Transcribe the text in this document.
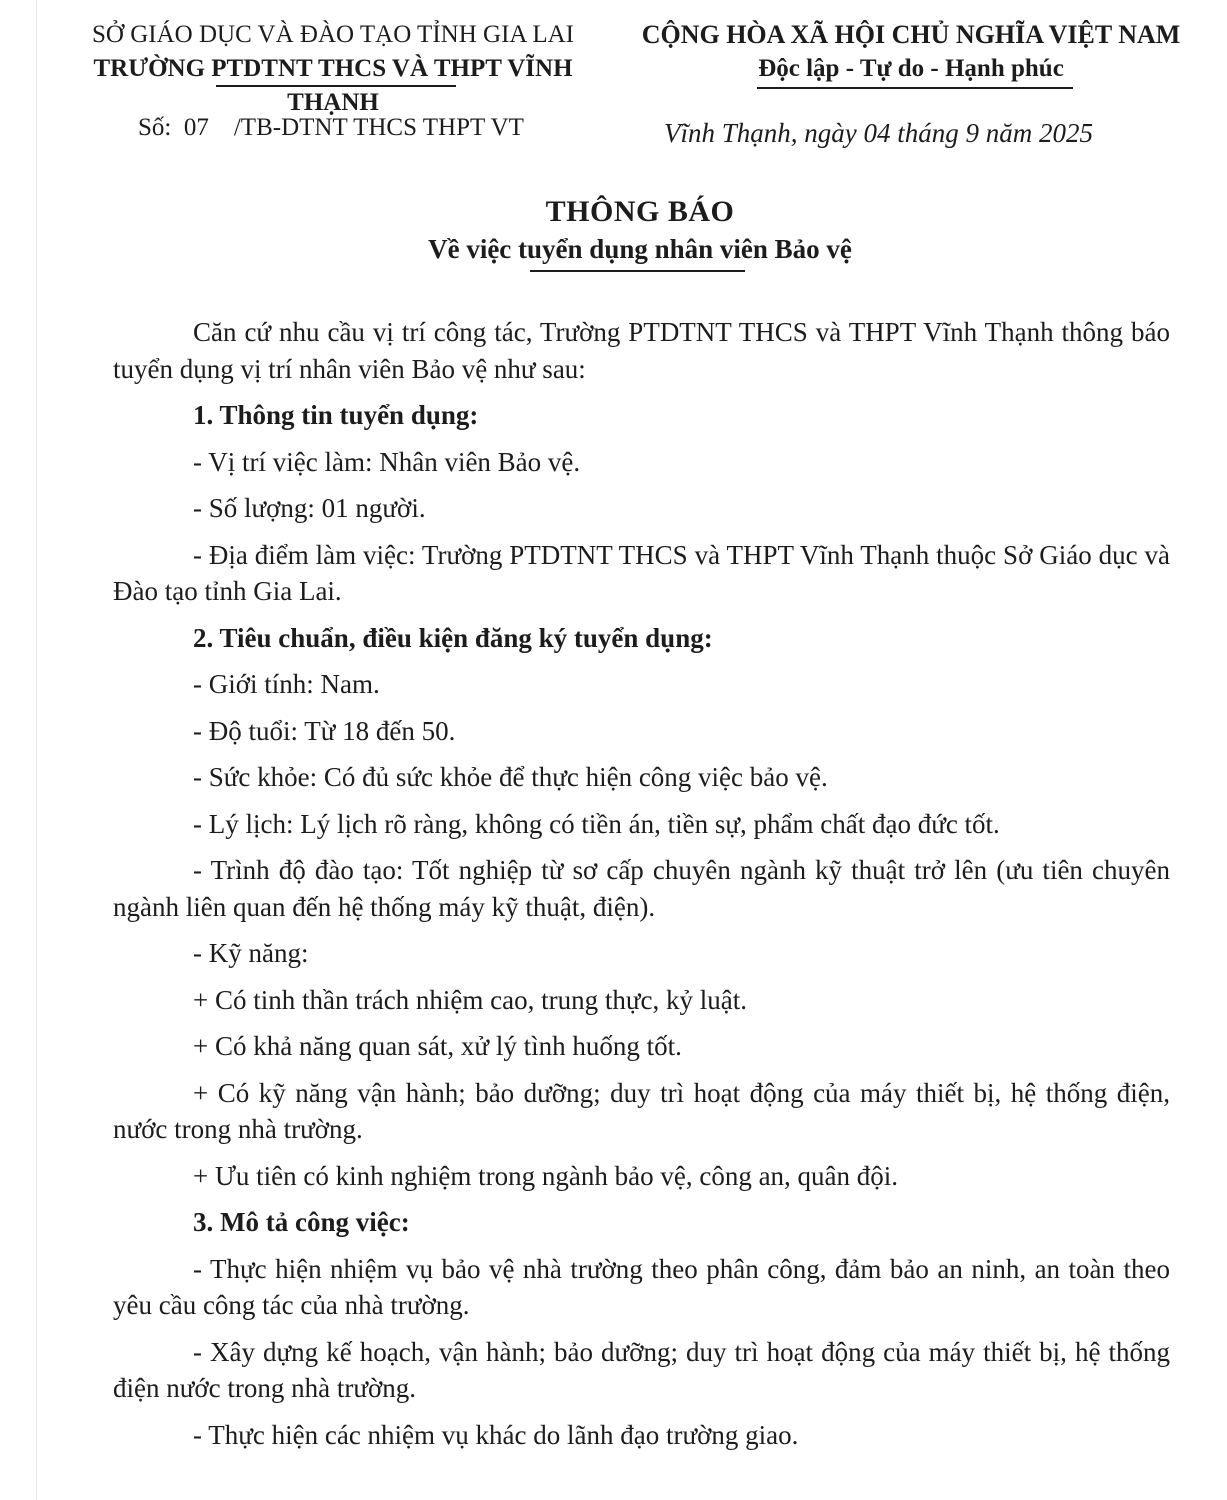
SỞ GIÁO DỤC VÀ ĐÀO TẠO TỈNH GIA LAI
TRƯỜNG PTDTNT THCS VÀ THPT VĨNH THẠNH
CỘNG HÒA XÃ HỘI CHỦ NGHĨA VIỆT NAM
Độc lập - Tự do - Hạnh phúc
Số:  07    /TB-DTNT THCS THPT VT	Vĩnh Thạnh, ngày 04 tháng 9 năm 2025
THÔNG BÁO
Về việc tuyển dụng nhân viên Bảo vệ

Căn cứ nhu cầu vị trí công tác, Trường PTDTNT THCS và THPT Vĩnh Thạnh thông báo tuyển dụng vị trí nhân viên Bảo vệ như sau:

1. Thông tin tuyển dụng:

- Vị trí việc làm: Nhân viên Bảo vệ.

- Số lượng: 01 người.

- Địa điểm làm việc: Trường PTDTNT THCS và THPT Vĩnh Thạnh thuộc Sở Giáo dục và Đào tạo tỉnh Gia Lai.

2. Tiêu chuẩn, điều kiện đăng ký tuyển dụng:

- Giới tính: Nam.

- Độ tuổi: Từ 18 đến 50.

- Sức khỏe: Có đủ sức khỏe để thực hiện công việc bảo vệ.

- Lý lịch: Lý lịch rõ ràng, không có tiền án, tiền sự, phẩm chất đạo đức tốt.

- Trình độ đào tạo: Tốt nghiệp từ sơ cấp chuyên ngành kỹ thuật trở lên (ưu tiên chuyên ngành liên quan đến hệ thống máy kỹ thuật, điện).

- Kỹ năng:

+ Có tinh thần trách nhiệm cao, trung thực, kỷ luật.

+ Có khả năng quan sát, xử lý tình huống tốt.

+ Có kỹ năng vận hành; bảo dưỡng; duy trì hoạt động của máy thiết bị, hệ thống điện, nước trong nhà trường.

+ Ưu tiên có kinh nghiệm trong ngành bảo vệ, công an, quân đội.

3. Mô tả công việc:

- Thực hiện nhiệm vụ bảo vệ nhà trường theo phân công, đảm bảo an ninh, an toàn theo yêu cầu công tác của nhà trường.

- Xây dựng kế hoạch, vận hành; bảo dưỡng; duy trì hoạt động của máy thiết bị, hệ thống điện nước trong nhà trường.

- Thực hiện các nhiệm vụ khác do lãnh đạo trường giao.
